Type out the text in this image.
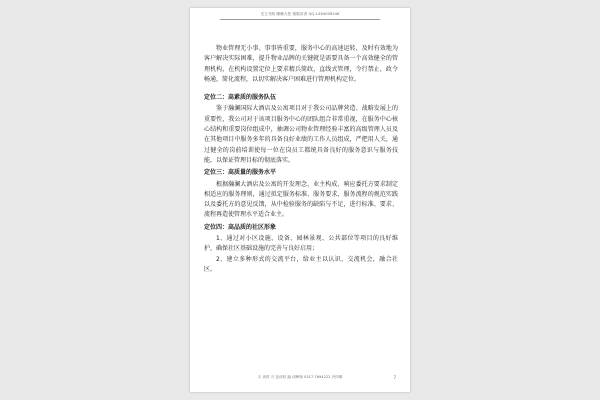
龙文书路 睡睡大苍 图服讲者 QQ:1464008548

物业管理无小事、事事皆重要，服务中心的高速运转，及时有效地为客户解决实际困难，提升物业品牌的关键就是需要具备一个高效健全的管理机构，在机构设置定位上要求精兵简政，直线式管理，令行禁止，政令畅通，简化流程，以切实解决客户困难进行管理机构定位。

定位二：高素质的服务队伍

鉴于瀚澜国际大酒店及公寓项目对于我公司品牌营造、战略发展上的重要性，我公司对于该项目服务中心的团队组合非常重视，在服务中心核心结构和重要岗位组成中，抽调公司物业管理经验丰富的高级管理人员及在其他项目中服务多年的具备良好业绩的工作人员组成，严把用人关，通过健全的岗前培训使每一位在岗员工都统具备良好的服务意识与服务技能，以保证管理目标的彻底落实。

定位三：高质量的服务水平

根据瀚澜大酒店及公寓的开发理念、业主构成、响应委托方要求制定相适应的服务理则，通过拟定服务标准、服务要求、服务流程的规范实践以及委托方的意见反馈，从中检验服务的缺陷与不足，进行标准、要求、流程再造使管理水平适合业主。

定位四：高品质的社区形象

1、通过对小区设施、设备、园林景观、公共部位等项目的良好维护，确保社区基础设施的完善与良好启用；

2、建立多种形式的交流平台，给业主以认识、交流机会，融合社区。

买 谈料 刃 包谈机 编 谈眸杨 0317-7694222 冷四明	7
